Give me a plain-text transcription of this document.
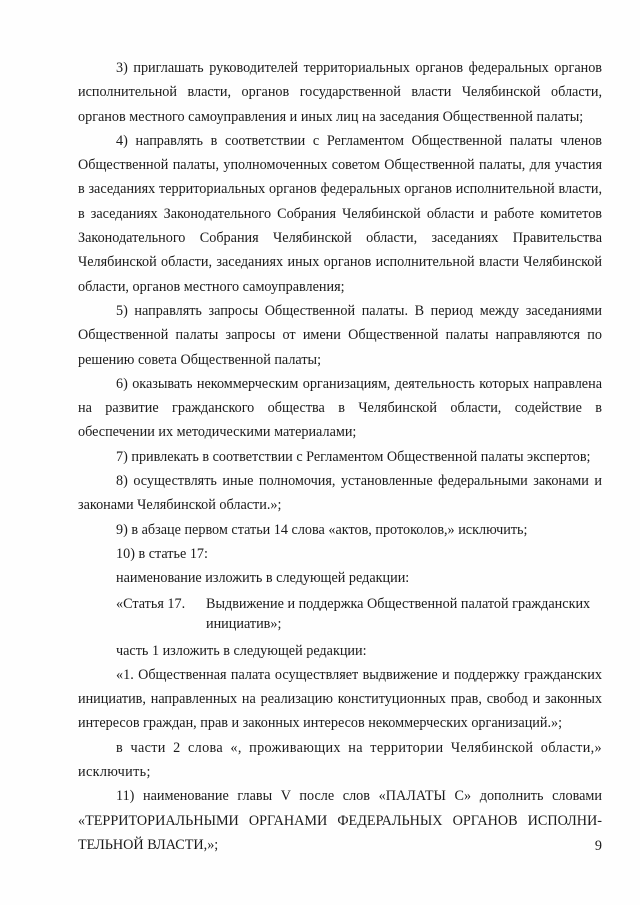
3) приглашать руководителей территориальных органов федеральных органов исполнительной власти, органов государственной власти Челябинской области, органов местного самоуправления и иных лиц на заседания Общественной палаты;

4) направлять в соответствии с Регламентом Общественной палаты членов Общественной палаты, уполномоченных советом Общественной палаты, для участия в заседаниях территориальных органов федеральных органов исполнительной власти, в заседаниях Законодательного Собрания Челябинской области и работе комитетов Законодательного Собрания Челябинской области, заседаниях Правительства Челябинской области, заседаниях иных органов исполнительной власти Челябинской области, органов местного самоуправления;

5) направлять запросы Общественной палаты. В период между заседаниями Общественной палаты запросы от имени Общественной палаты направляются по решению совета Общественной палаты;

6) оказывать некоммерческим организациям, деятельность которых направлена на развитие гражданского общества в Челябинской области, содействие в обеспечении их методическими материалами;

7) привлекать в соответствии с Регламентом Общественной палаты экспертов;

8) осуществлять иные полномочия, установленные федеральными законами и законами Челябинской области.»;

9) в абзаце первом статьи 14 слова «актов, протоколов,» исключить;

10) в статье 17:

наименование изложить в следующей редакции:

«Статья 17. Выдвижение и поддержка Общественной палатой гражданских инициатив»;

часть 1 изложить в следующей редакции:

«1. Общественная палата осуществляет выдвижение и поддержку гражданских инициатив, направленных на реализацию конституционных прав, свобод и законных интересов граждан, прав и законных интересов некоммерческих организаций.»;

в части 2 слова «, проживающих на территории Челябинской области,» исключить;

11) наименование главы V после слов «ПАЛАТЫ С» дополнить словами «ТЕРРИТОРИАЛЬНЫМИ ОРГАНАМИ ФЕДЕРАЛЬНЫХ ОРГАНОВ ИСПОЛНИ-ТЕЛЬНОЙ ВЛАСТИ,»;	9
